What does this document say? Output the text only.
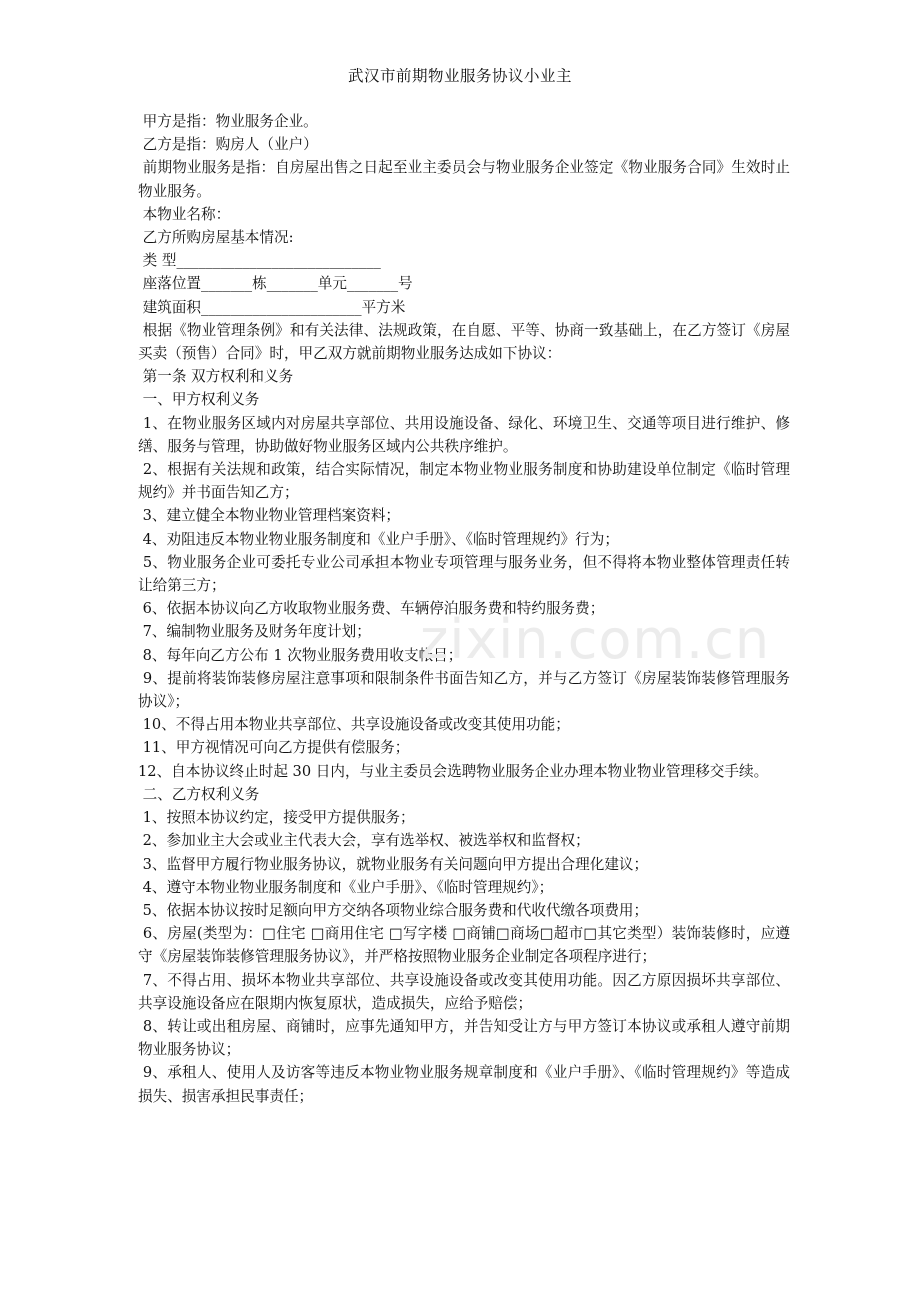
武汉市前期物业服务协议小业主

甲方是指：物业服务企业。

乙方是指：购房人（业户）

前期物业服务是指：自房屋出售之日起至业主委员会与物业服务企业签定《物业服务合同》生效时止物业服务。

本物业名称：

乙方所购房屋基本情况:

类 型____________________________

座落位置_______栋_______单元_______号

建筑面积______________________平方米

根据《物业管理条例》和有关法律、法规政策，在自愿、平等、协商一致基础上，在乙方签订《房屋买卖（预售）合同》时，甲乙双方就前期物业服务达成如下协议：

第一条 双方权利和义务

一、甲方权利义务

1、在物业服务区域内对房屋共享部位、共用设施设备、绿化、环境卫生、交通等项目进行维护、修缮、服务与管理，协助做好物业服务区域内公共秩序维护。

2、根据有关法规和政策，结合实际情况，制定本物业物业服务制度和协助建设单位制定《临时管理规约》并书面告知乙方；

3、建立健全本物业物业管理档案资料；

4、劝阻违反本物业物业服务制度和《业户手册》、《临时管理规约》行为；

5、物业服务企业可委托专业公司承担本物业专项管理与服务业务，但不得将本物业整体管理责任转让给第三方；

6、依据本协议向乙方收取物业服务费、车辆停泊服务费和特约服务费；

7、编制物业服务及财务年度计划；

8、每年向乙方公布 1 次物业服务费用收支帐目；

9、提前将装饰装修房屋注意事项和限制条件书面告知乙方，并与乙方签订《房屋装饰装修管理服务协议》；

10、不得占用本物业共享部位、共享设施设备或改变其使用功能；

11、甲方视情况可向乙方提供有偿服务；

12、自本协议终止时起 30 日内，与业主委员会选聘物业服务企业办理本物业物业管理移交手续。

二、乙方权利义务

1、按照本协议约定，接受甲方提供服务；

2、参加业主大会或业主代表大会，享有选举权、被选举权和监督权；

3、监督甲方履行物业服务协议，就物业服务有关问题向甲方提出合理化建议；

4、遵守本物业物业服务制度和《业户手册》、《临时管理规约》；

5、依据本协议按时足额向甲方交纳各项物业综合服务费和代收代缴各项费用；

6、房屋(类型为：□住宅 □商用住宅 □写字楼 □商铺□商场□超市□其它类型）装饰装修时，应遵守《房屋装饰装修管理服务协议》，并严格按照物业服务企业制定各项程序进行；

7、不得占用、损坏本物业共享部位、共享设施设备或改变其使用功能。因乙方原因损坏共享部位、共享设施设备应在限期内恢复原状，造成损失，应给予赔偿；

8、转让或出租房屋、商铺时，应事先通知甲方，并告知受让方与甲方签订本协议或承租人遵守前期物业服务协议；

9、承租人、使用人及访客等违反本物业物业服务规章制度和《业户手册》、《临时管理规约》等造成损失、损害承担民事责任；

zixin.com.cn
